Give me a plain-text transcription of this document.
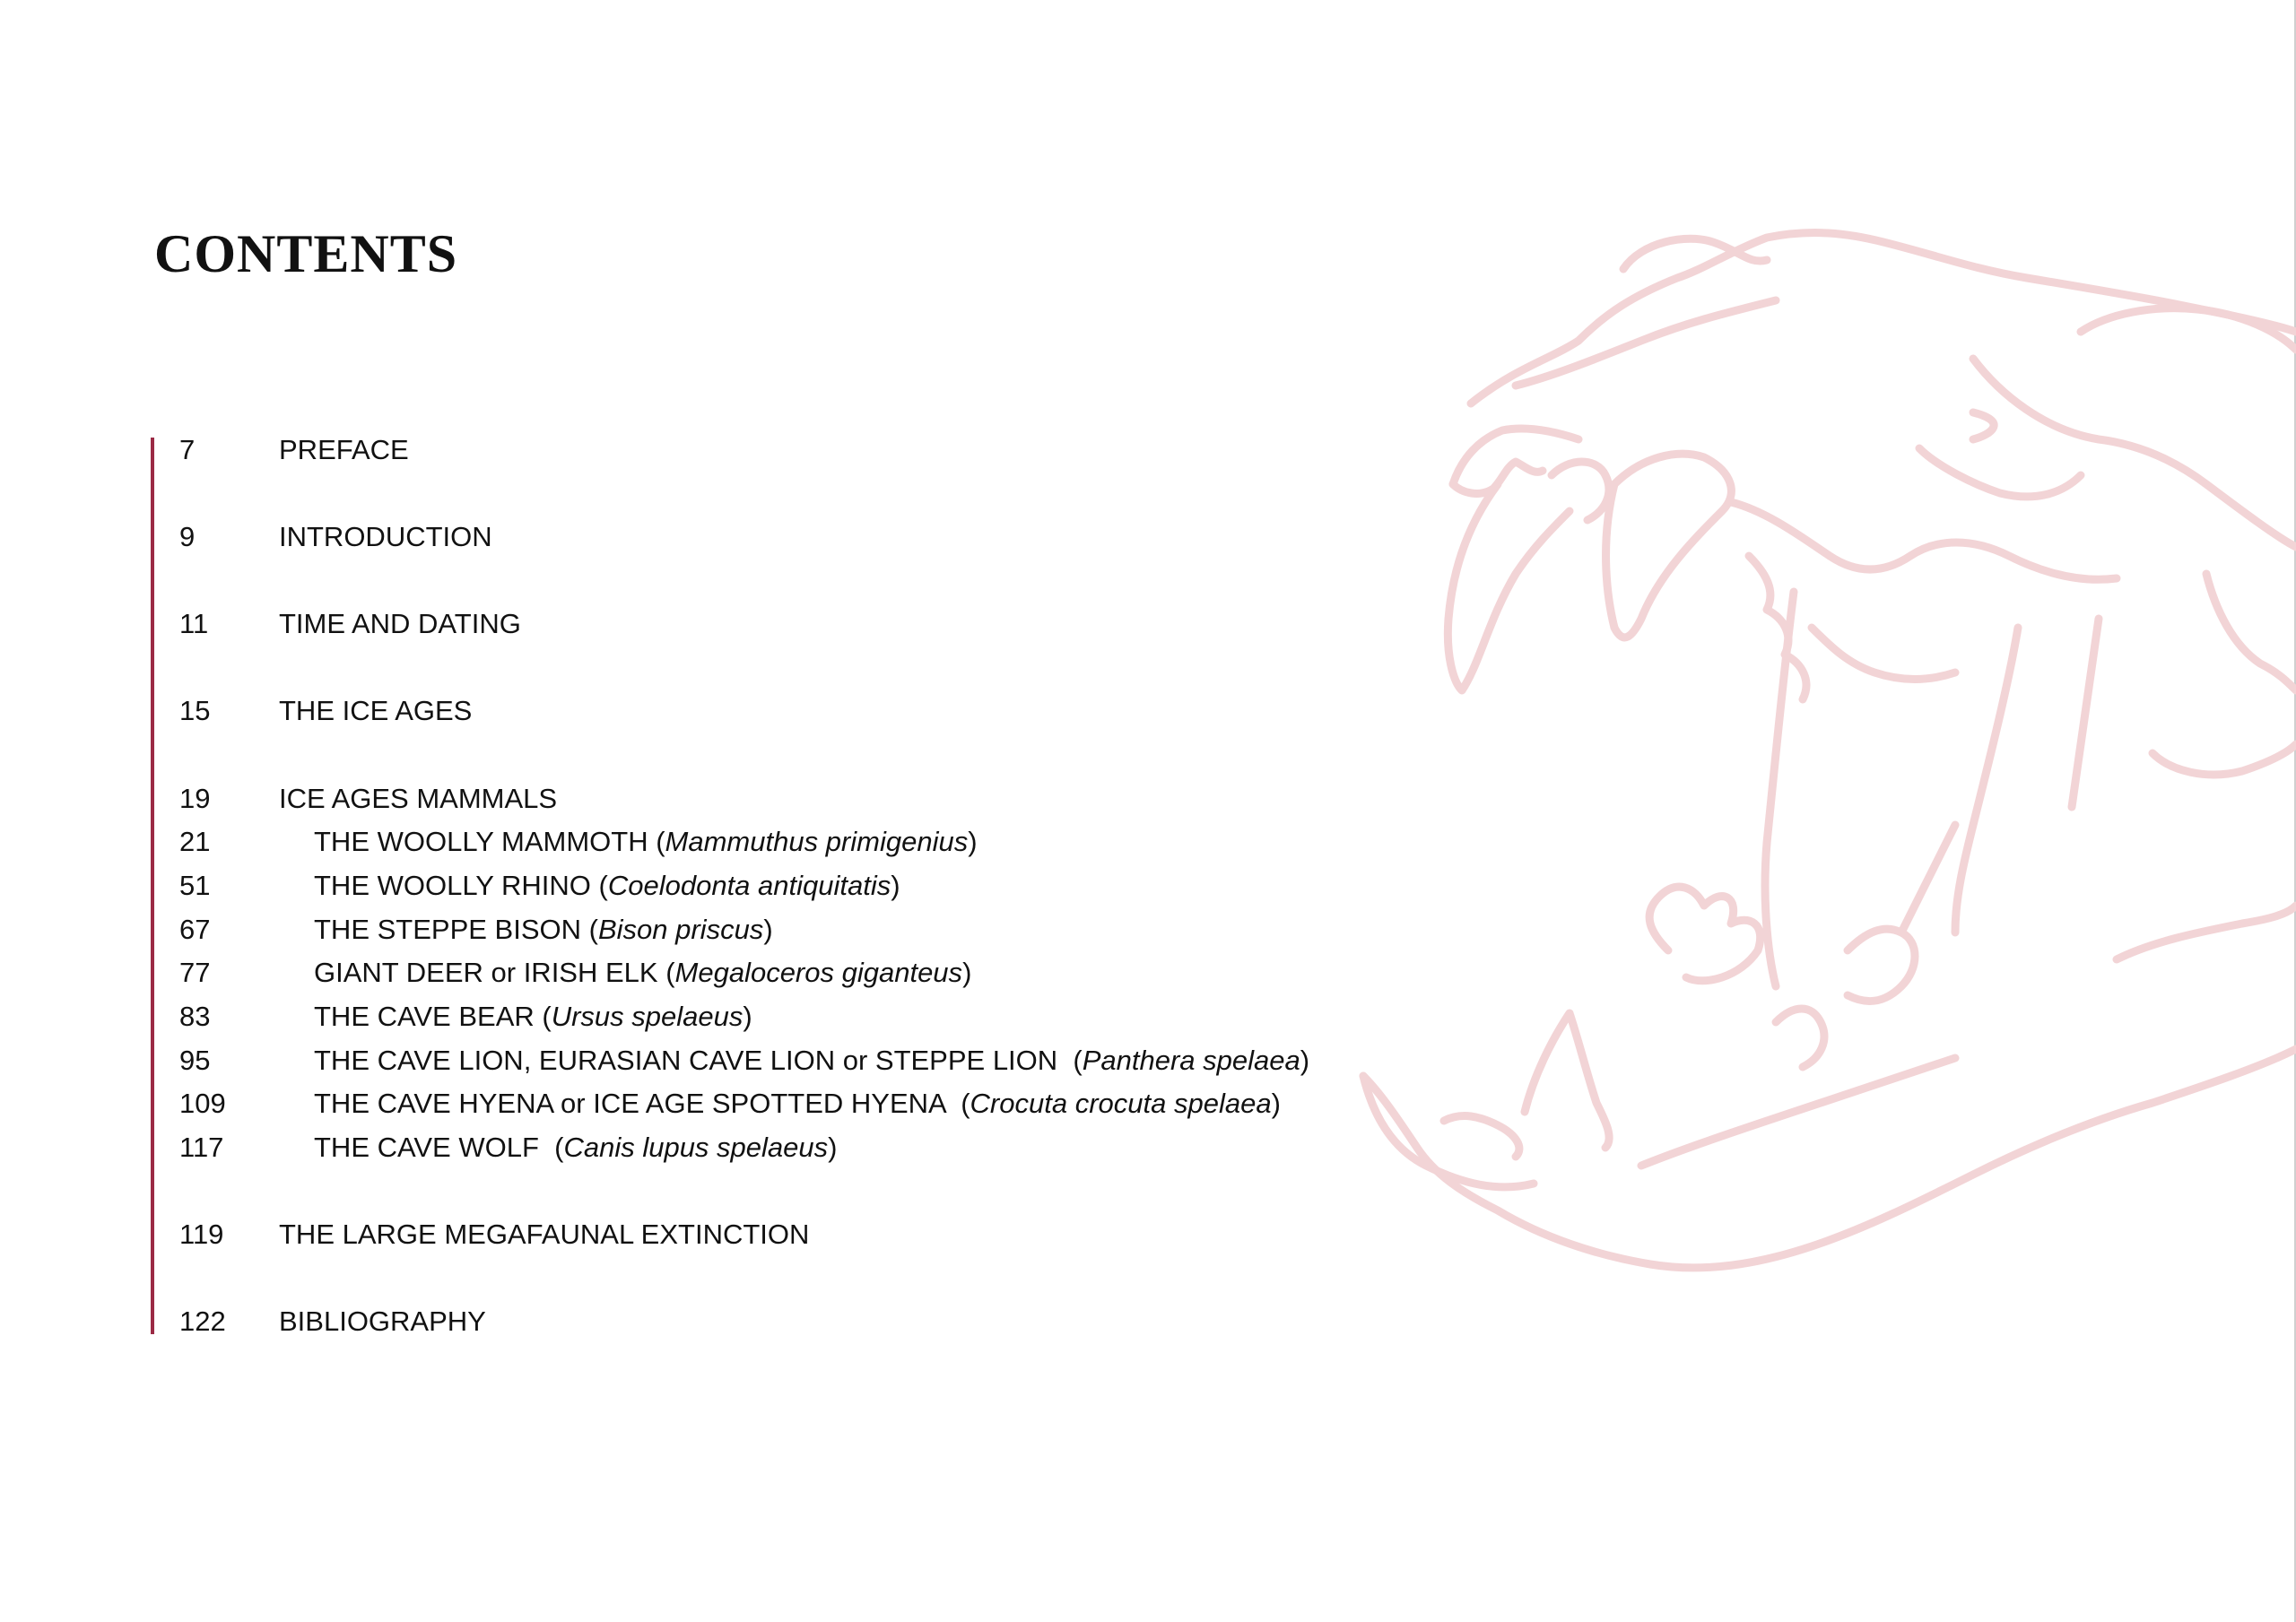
CONTENTS
7	PREFACE
9	INTRODUCTION
11	TIME AND DATING
15	THE ICE AGES
19	ICE AGES MAMMALS
21	THE WOOLLY MAMMOTH (Mammuthus primigenius)
51	THE WOOLLY RHINO (Coelodonta antiquitatis)
67	THE STEPPE BISON (Bison priscus)
77	GIANT DEER or IRISH ELK (Megaloceros giganteus)
83	THE CAVE BEAR (Ursus spelaeus)
95	THE CAVE LION, EURASIAN CAVE LION or STEPPE LION  (Panthera spelaea)
109	THE CAVE HYENA or ICE AGE SPOTTED HYENA  (Crocuta crocuta spelaea)
117	THE CAVE WOLF  (Canis lupus spelaeus)
119	THE LARGE MEGAFAUNAL EXTINCTION
122	BIBLIOGRAPHY
